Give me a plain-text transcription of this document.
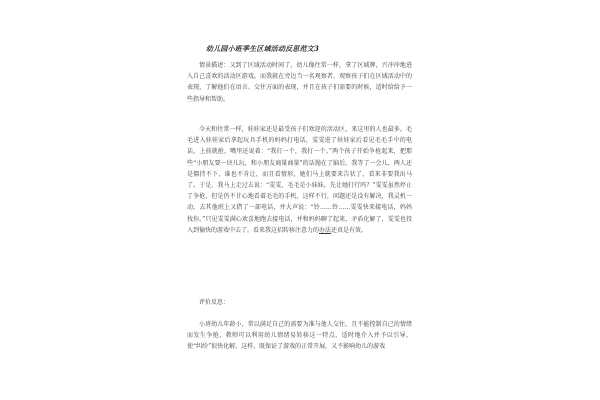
幼儿园小班季生区域活动反思范文3

情景描述：又到了区域活动时间了，幼儿像往常一样，拿了区域牌，兴冲冲地进入自己喜欢的活动区游戏。而我就在旁边当一名观察者，观察孩子们在区域活动中的表现，了解他们在语言、交往方面的表现，并且在孩子们需要的时候，适时给给予一些指导和帮助。

今天和往常一样，娃娃家还是最受孩子们欢迎的活动区，来这里的人也最多。毛毛进入娃娃家后拿起玩具手机的妈妈打电话，雯雯进了娃娃家后看见毛毛手中的电话，上前就抢，嘴里还说着：“我打一个，我打一个。”两个孩子开始争抢起来，把那些“小朋友要一块儿玩，和小朋友商量商量”的话抛在了脑后。我等了一会儿，两人还是僵持不下，谁也不肯让，而且看情形，她们马上就要来告状了，看来非要我出马了。于是，我马上走过去说：“雯雯，毛毛是小妹妹，先让她打行吗？”雯雯虽然停止了争抢，但是仍不甘心地看着毛毛的手机，这样不行，问题还是没有解决，我灵机一动，去其他班上又借了一部电话，并大声说：“铃……铃……雯雯快来接电话，妈妈找你。”只见雯雯满心欢喜地跑去接电话，并和妈妈聊了起来，矛盾化解了，雯雯也投入到愉快的游戏中去了。看来我这招转移注意力的办法还真是有效。

评价反思：

小班幼儿年龄小，常以满足自己的需要为准与他人交往，且不能控制自己的情绪而发生争抢，教师可以利用幼儿情绪易转移这一特点，适时地介入并予以引导，使“纠纷”很快化解。这样，既保证了游戏的正常开展，又不影响幼儿的游戏
